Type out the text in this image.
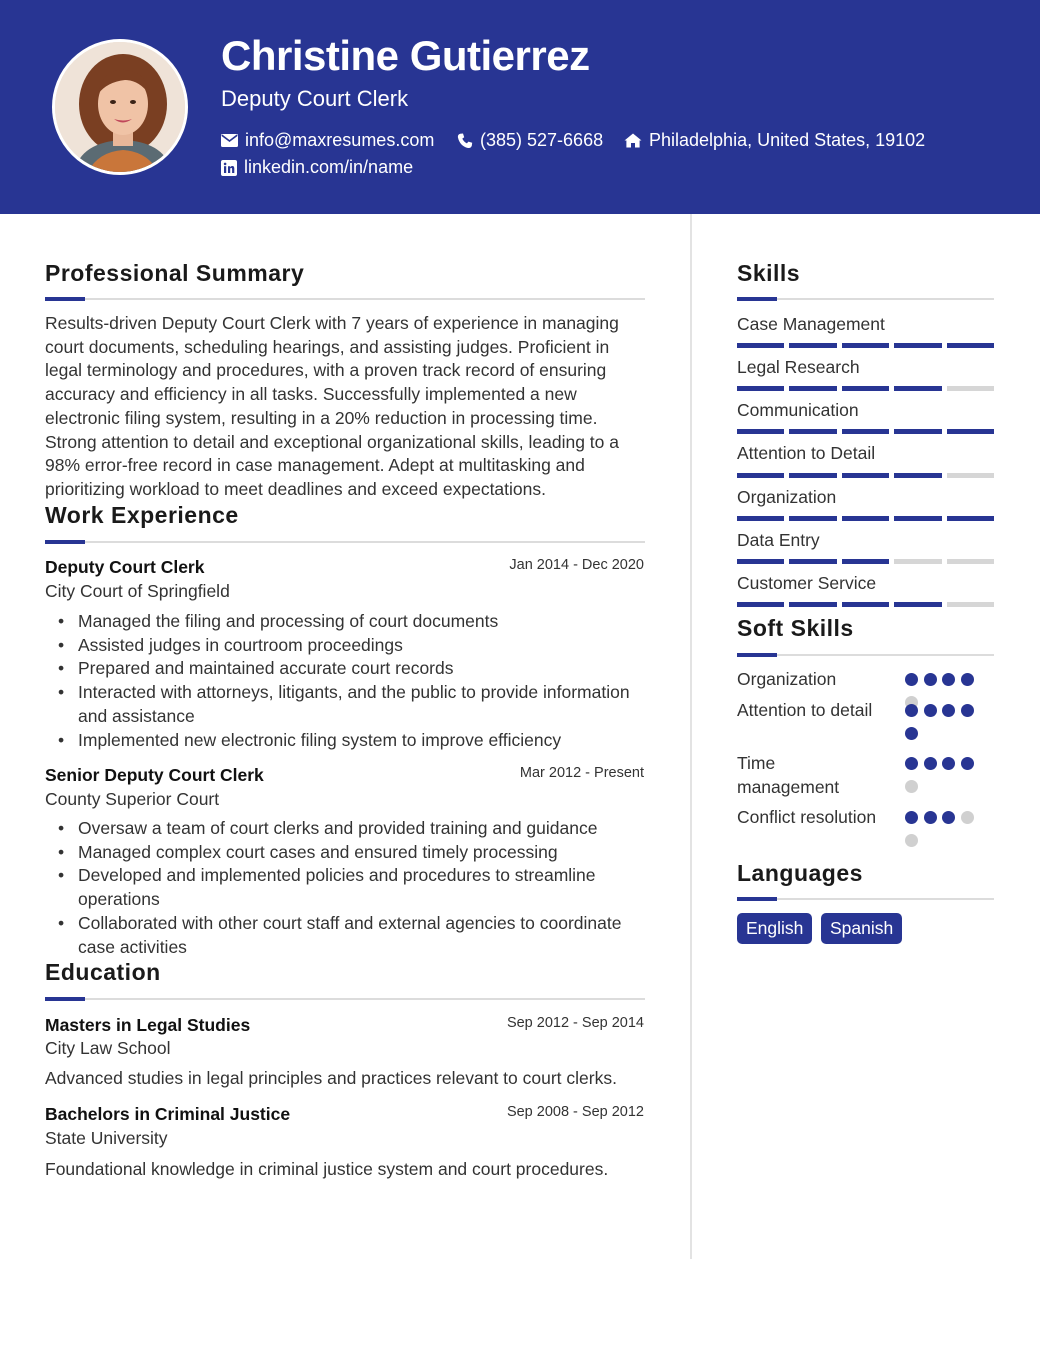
Christine Gutierrez
Deputy Court Clerk
info@maxresumes.com	(385) 527-6668	Philadelphia, United States, 19102
linkedin.com/in/name
Professional Summary

Results-driven Deputy Court Clerk with 7 years of experience in managing court documents, scheduling hearings, and assisting judges. Proficient in legal terminology and procedures, with a proven track record of ensuring accuracy and efficiency in all tasks. Successfully implemented a new electronic filing system, resulting in a 20% reduction in processing time. Strong attention to detail and exceptional organizational skills, leading to a 98% error-free record in case management. Adept at multitasking and prioritizing workload to meet deadlines and exceed expectations.

Work Experience
Deputy Court Clerk	Jan 2014 - Dec 2020
City Court of Springfield
• Managed the filing and processing of court documents
• Assisted judges in courtroom proceedings
• Prepared and maintained accurate court records
• Interacted with attorneys, litigants, and the public to provide information and assistance
• Implemented new electronic filing system to improve efficiency
Senior Deputy Court Clerk	Mar 2012 - Present
County Superior Court
• Oversaw a team of court clerks and provided training and guidance
• Managed complex court cases and ensured timely processing
• Developed and implemented policies and procedures to streamline operations
• Collaborated with other court staff and external agencies to coordinate case activities
Education
Masters in Legal Studies	Sep 2012 - Sep 2014
City Law School
Advanced studies in legal principles and practices relevant to court clerks.
Bachelors in Criminal Justice	Sep 2008 - Sep 2012
State University
Foundational knowledge in criminal justice system and court procedures.
Skills
Case Management
Legal Research
Communication
Attention to Detail
Organization
Data Entry
Customer Service
Soft Skills
Organization
Attention to detail
Time management
Conflict resolution
Languages
English	Spanish
